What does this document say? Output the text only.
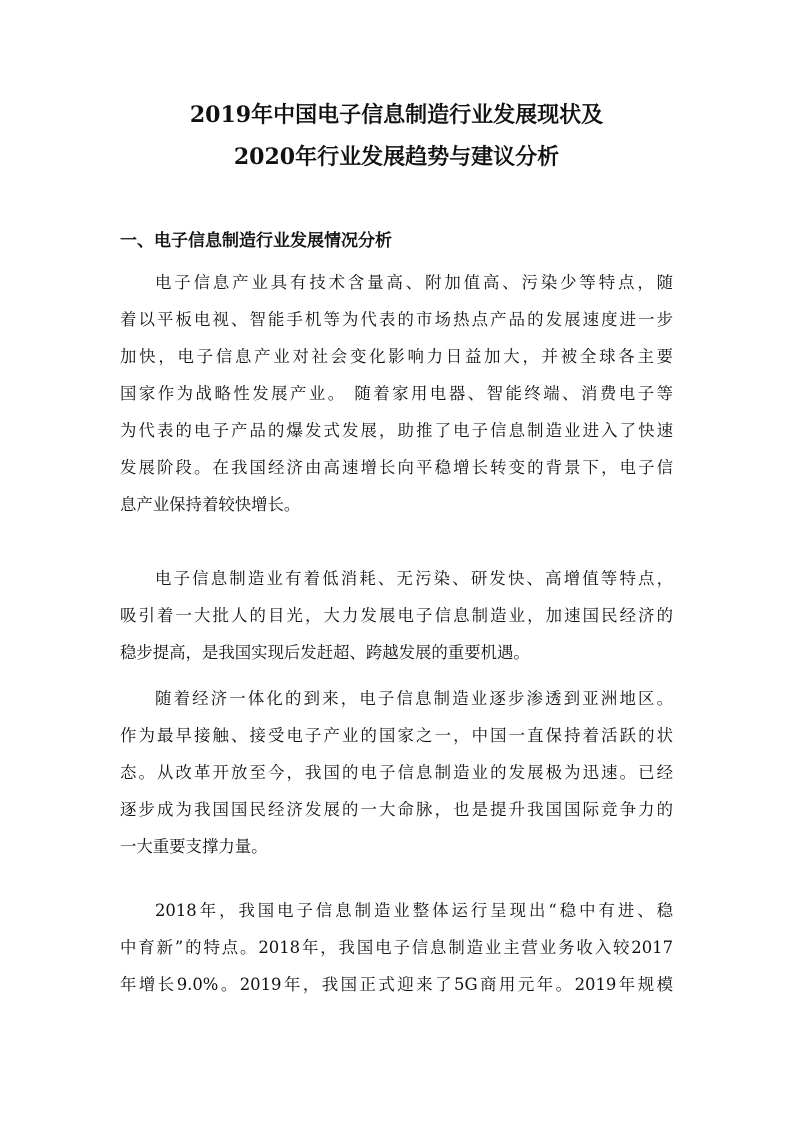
2019年中国电子信息制造行业发展现状及
2020年行业发展趋势与建议分析
一、电子信息制造行业发展情况分析
电子信息产业具有技术含量高、附加值高、污染少等特点，随
着以平板电视、智能手机等为代表的市场热点产品的发展速度进一步
加快，电子信息产业对社会变化影响力日益加大，并被全球各主要
国家作为战略性发展产业。 随着家用电器、智能终端、消费电子等
为代表的电子产品的爆发式发展，助推了电子信息制造业进入了快速
发展阶段。在我国经济由高速增长向平稳增长转变的背景下，电子信
息产业保持着较快增长。
电子信息制造业有着低消耗、无污染、研发快、高增值等特点，
吸引着一大批人的目光，大力发展电子信息制造业，加速国民经济的
稳步提高，是我国实现后发赶超、跨越发展的重要机遇。
随着经济一体化的到来，电子信息制造业逐步渗透到亚洲地区。
作为最早接触、接受电子产业的国家之一，中国一直保持着活跃的状
态。从改革开放至今，我国的电子信息制造业的发展极为迅速。已经
逐步成为我国国民经济发展的一大命脉，也是提升我国国际竞争力的
一大重要支撑力量。
2018年，我国电子信息制造业整体运行呈现出“稳中有进、稳
中育新”的特点。2018年，我国电子信息制造业主营业务收入较2017
年增长9.0%。2019年，我国正式迎来了5G商用元年。2019年规模
